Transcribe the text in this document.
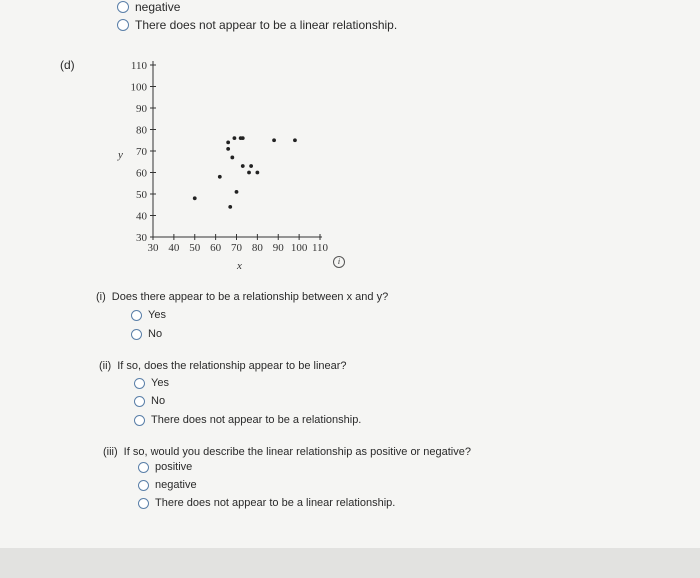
negative
There does not appear to be a linear relationship.
(d)	110
100
90
80
70
60
50
40
30
30 40 50 60 70 80 90 100 110
y
x	i
(i) Does there appear to be a relationship between x and y?
Yes
No
(ii) If so, does the relationship appear to be linear?
Yes
No
There does not appear to be a relationship.
(iii) If so, would you describe the linear relationship as positive or negative?
positive
negative
There does not appear to be a linear relationship.
